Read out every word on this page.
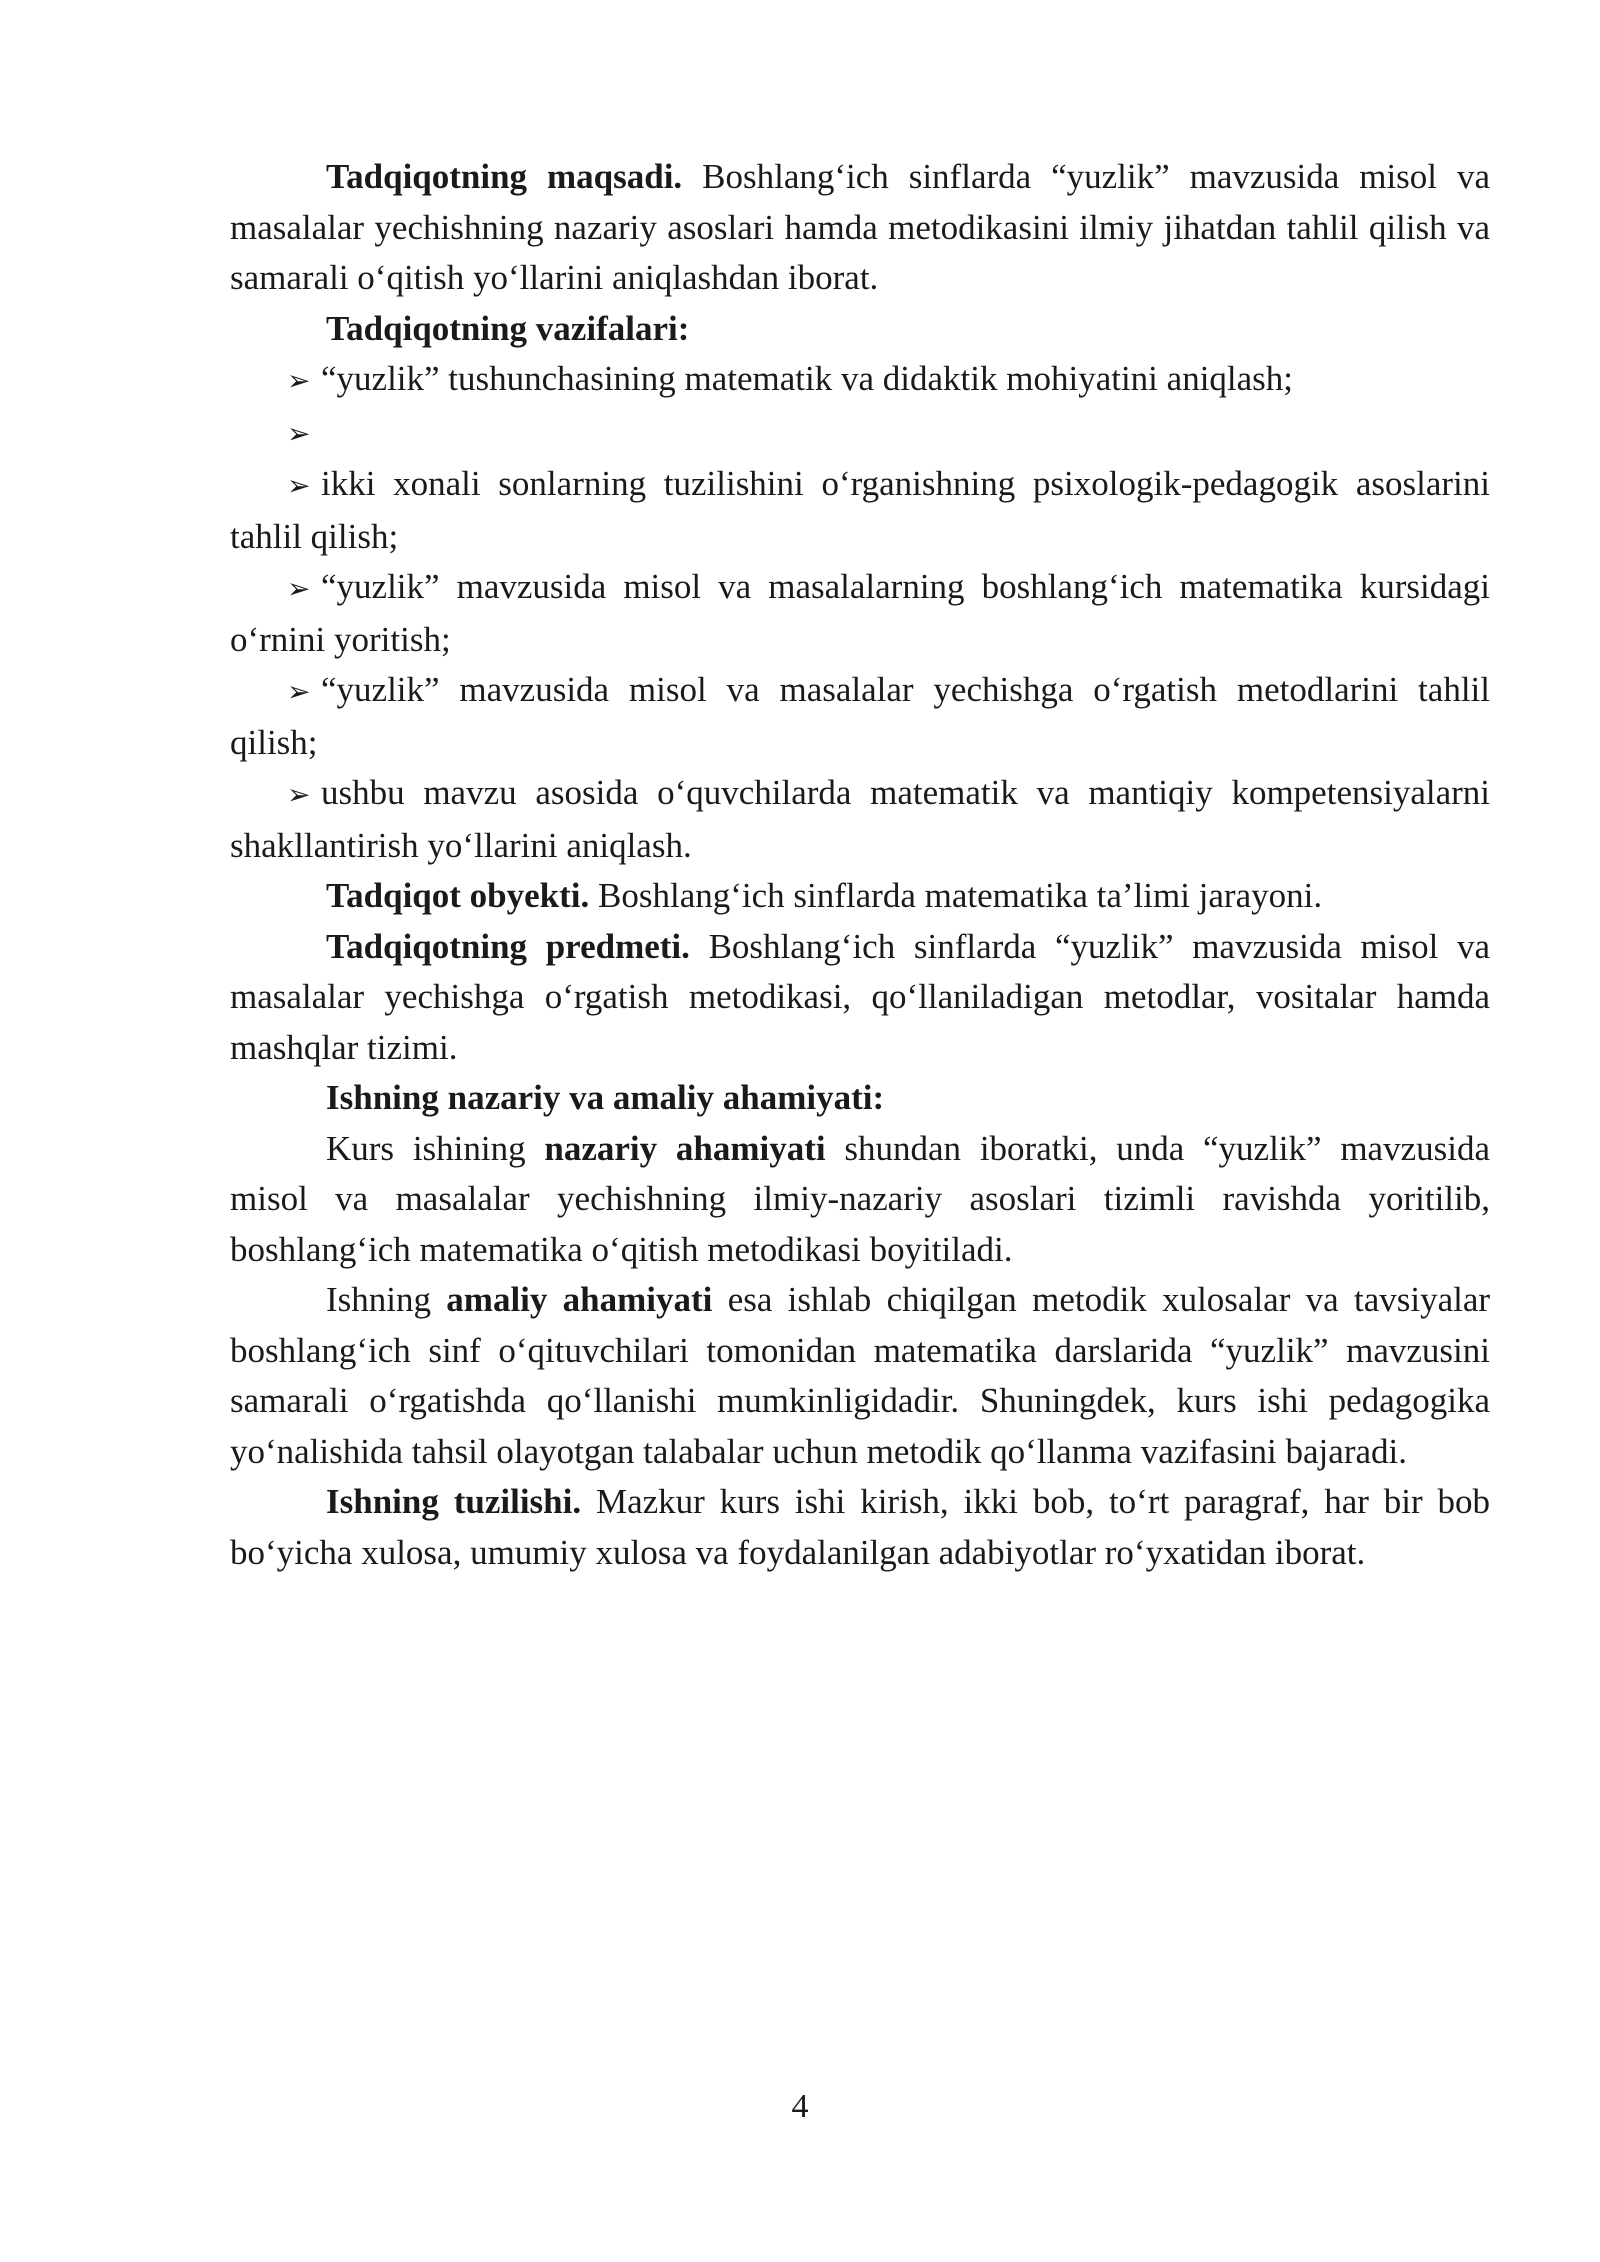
Tadqiqotning maqsadi. Boshlang‘ich sinflarda “yuzlik” mavzusida misol va masalalar yechishning nazariy asoslari hamda metodikasini ilmiy jihatdan tahlil qilish va samarali o‘qitish yo‘llarini aniqlashdan iborat.

Tadqiqotning vazifalari:

➢ “yuzlik” tushunchasining matematik va didaktik mohiyatini aniqlash;

➢

➢ ikki xonali sonlarning tuzilishini o‘rganishning psixologik-pedagogik asoslarini tahlil qilish;

➢ “yuzlik” mavzusida misol va masalalarning boshlang‘ich matematika kursidagi o‘rnini yoritish;

➢ “yuzlik” mavzusida misol va masalalar yechishga o‘rgatish metodlarini tahlil qilish;

➢ ushbu mavzu asosida o‘quvchilarda matematik va mantiqiy kompetensiyalarni shakllantirish yo‘llarini aniqlash.

Tadqiqot obyekti. Boshlang‘ich sinflarda matematika ta’limi jarayoni.

Tadqiqotning predmeti. Boshlang‘ich sinflarda “yuzlik” mavzusida misol va masalalar yechishga o‘rgatish metodikasi, qo‘llaniladigan metodlar, vositalar hamda mashqlar tizimi.

Ishning nazariy va amaliy ahamiyati:

Kurs ishining nazariy ahamiyati shundan iboratki, unda “yuzlik” mavzusida misol va masalalar yechishning ilmiy-nazariy asoslari tizimli ravishda yoritilib, boshlang‘ich matematika o‘qitish metodikasi boyitiladi.

Ishning amaliy ahamiyati esa ishlab chiqilgan metodik xulosalar va tavsiyalar boshlang‘ich sinf o‘qituvchilari tomonidan matematika darslarida “yuzlik” mavzusini samarali o‘rgatishda qo‘llanishi mumkinligidadir. Shuningdek, kurs ishi pedagogika yo‘nalishida tahsil olayotgan talabalar uchun metodik qo‘llanma vazifasini bajaradi.

Ishning tuzilishi. Mazkur kurs ishi kirish, ikki bob, to‘rt paragraf, har bir bob bo‘yicha xulosa, umumiy xulosa va foydalanilgan adabiyotlar ro‘yxatidan iborat.

4
